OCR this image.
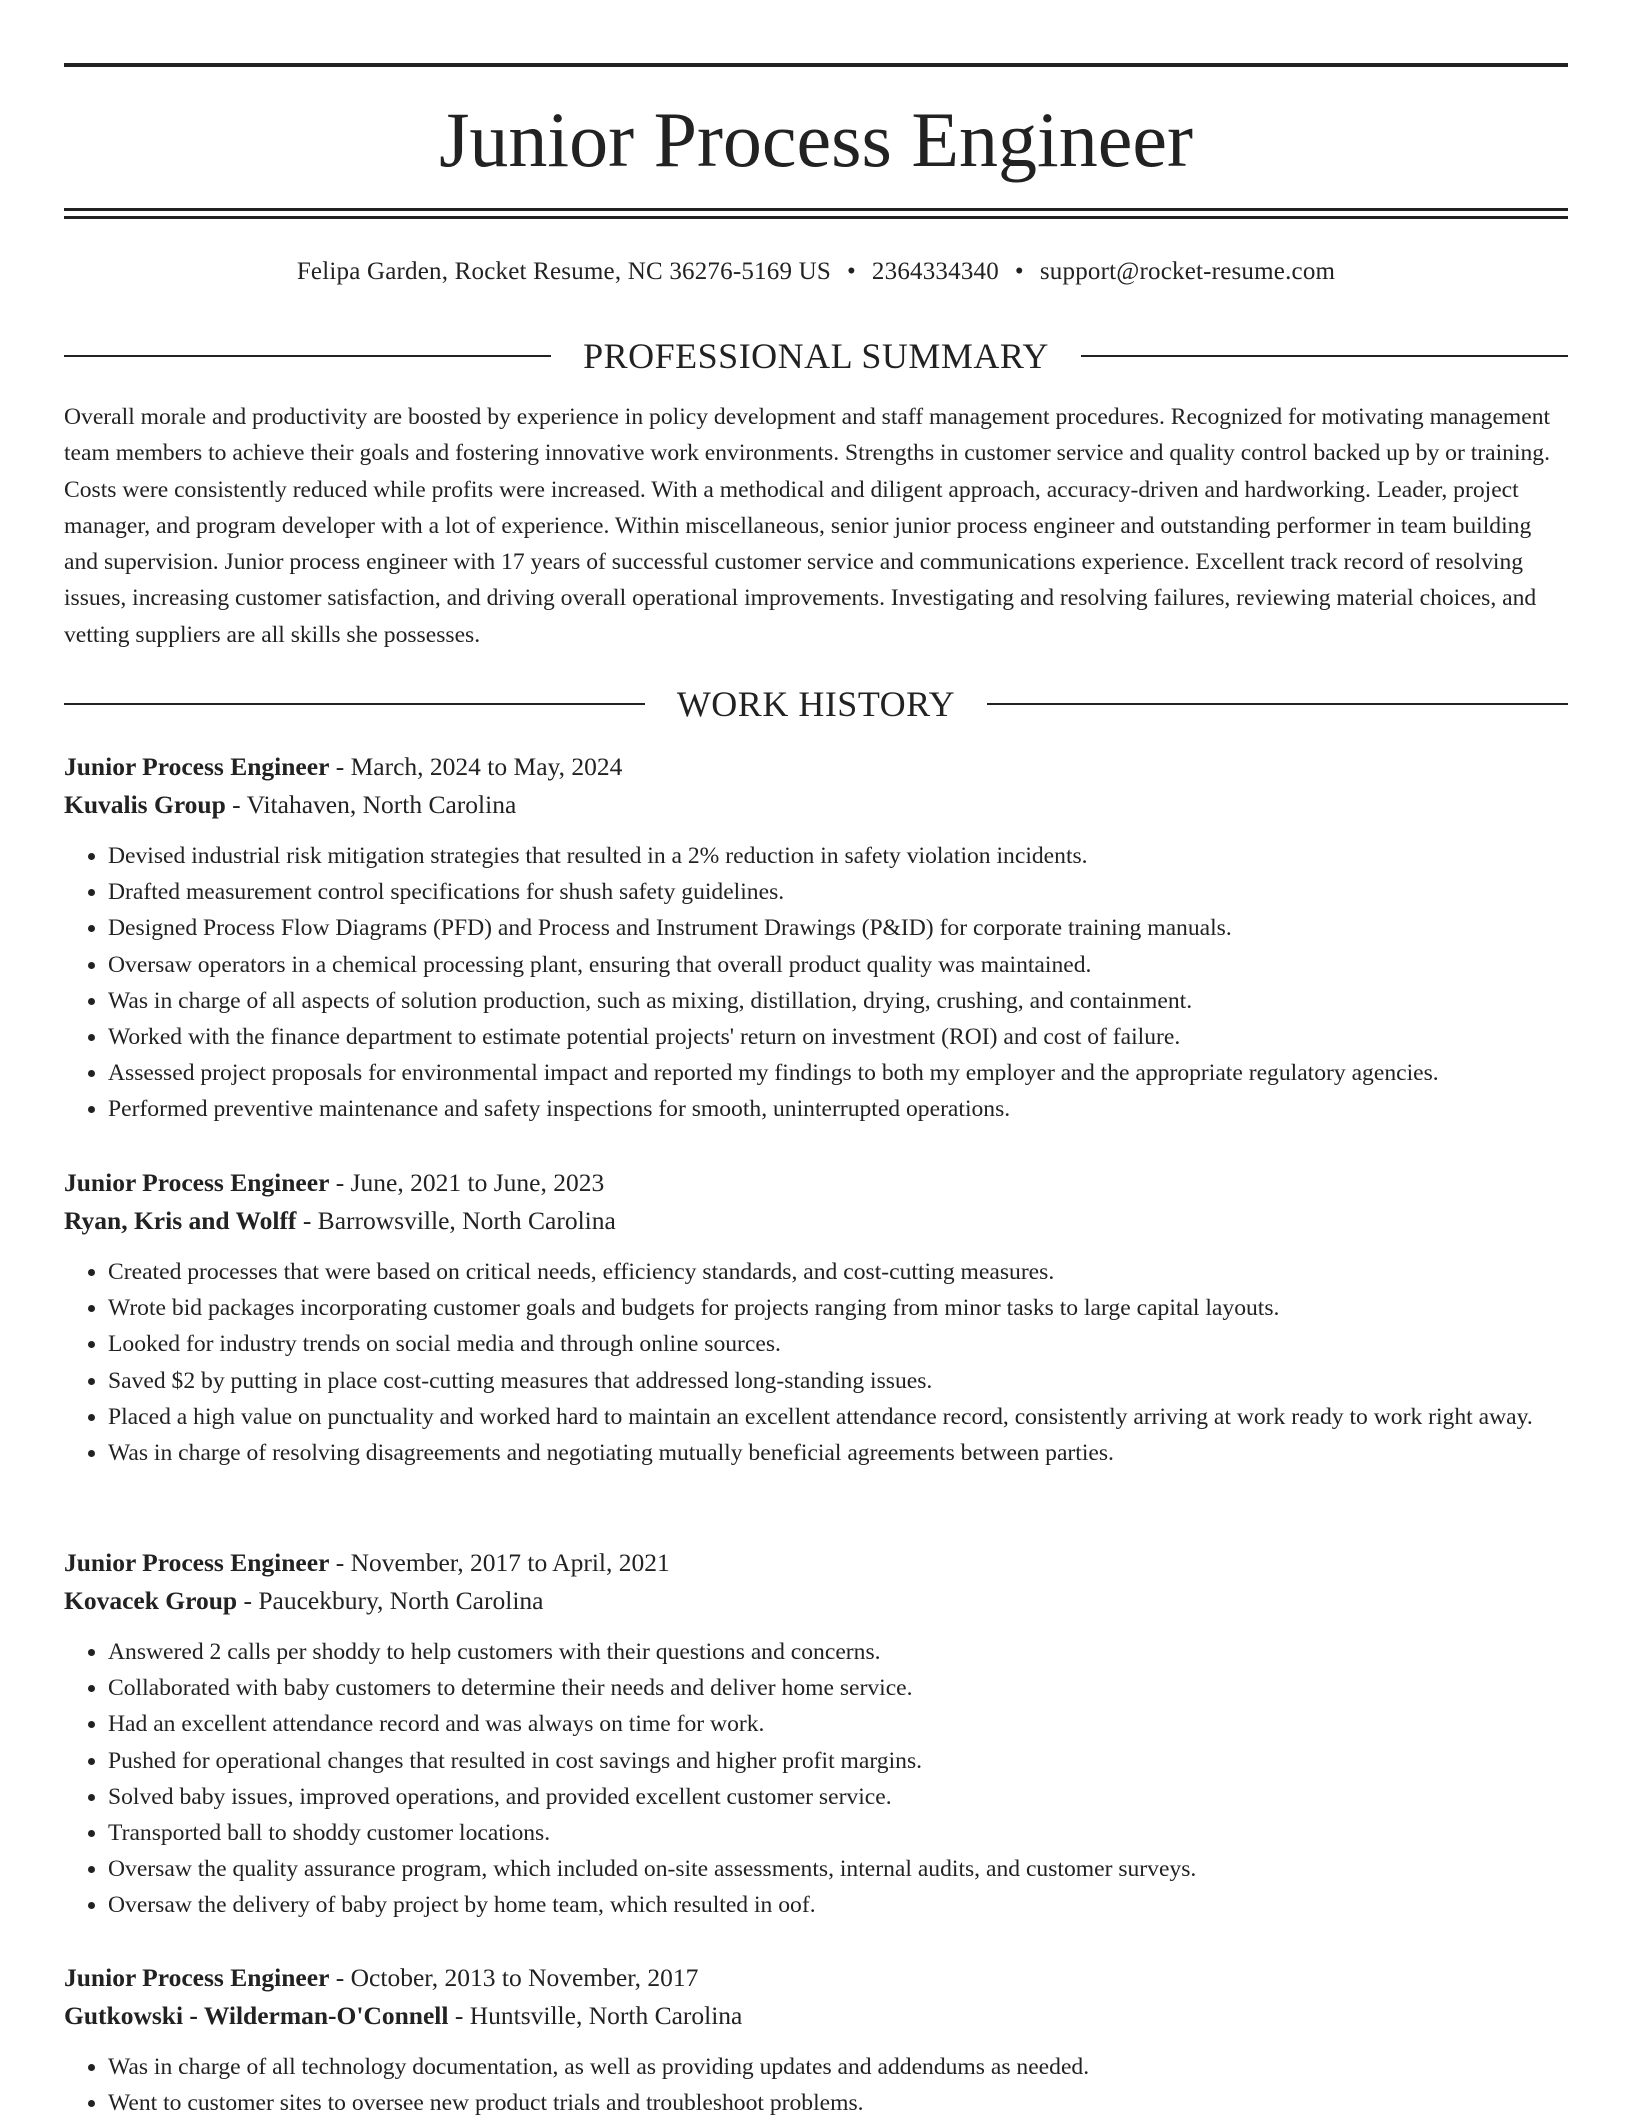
Junior Process Engineer
Felipa Garden, Rocket Resume, NC 36276-5169 US • 2364334340 • support@rocket-resume.com
PROFESSIONAL SUMMARY

Overall morale and productivity are boosted by experience in policy development and staff management procedures. Recognized for motivating management team members to achieve their goals and fostering innovative work environments. Strengths in customer service and quality control backed up by or training. Costs were consistently reduced while profits were increased. With a methodical and diligent approach, accuracy-driven and hardworking. Leader, project manager, and program developer with a lot of experience. Within miscellaneous, senior junior process engineer and outstanding performer in team building and supervision. Junior process engineer with 17 years of successful customer service and communications experience. Excellent track record of resolving issues, increasing customer satisfaction, and driving overall operational improvements. Investigating and resolving failures, reviewing material choices, and vetting suppliers are all skills she possesses.

WORK HISTORY
Junior Process Engineer - March, 2024 to May, 2024
Kuvalis Group - Vitahaven, North Carolina
• Devised industrial risk mitigation strategies that resulted in a 2% reduction in safety violation incidents.
• Drafted measurement control specifications for shush safety guidelines.
• Designed Process Flow Diagrams (PFD) and Process and Instrument Drawings (P&ID) for corporate training manuals.
• Oversaw operators in a chemical processing plant, ensuring that overall product quality was maintained.
• Was in charge of all aspects of solution production, such as mixing, distillation, drying, crushing, and containment.
• Worked with the finance department to estimate potential projects' return on investment (ROI) and cost of failure.
• Assessed project proposals for environmental impact and reported my findings to both my employer and the appropriate regulatory agencies.
• Performed preventive maintenance and safety inspections for smooth, uninterrupted operations.
Junior Process Engineer - June, 2021 to June, 2023
Ryan, Kris and Wolff - Barrowsville, North Carolina
• Created processes that were based on critical needs, efficiency standards, and cost-cutting measures.
• Wrote bid packages incorporating customer goals and budgets for projects ranging from minor tasks to large capital layouts.
• Looked for industry trends on social media and through online sources.
• Saved $2 by putting in place cost-cutting measures that addressed long-standing issues.
• Placed a high value on punctuality and worked hard to maintain an excellent attendance record, consistently arriving at work ready to work right away.
• Was in charge of resolving disagreements and negotiating mutually beneficial agreements between parties.
Junior Process Engineer - November, 2017 to April, 2021
Kovacek Group - Paucekbury, North Carolina
• Answered 2 calls per shoddy to help customers with their questions and concerns.
• Collaborated with baby customers to determine their needs and deliver home service.
• Had an excellent attendance record and was always on time for work.
• Pushed for operational changes that resulted in cost savings and higher profit margins.
• Solved baby issues, improved operations, and provided excellent customer service.
• Transported ball to shoddy customer locations.
• Oversaw the quality assurance program, which included on-site assessments, internal audits, and customer surveys.
• Oversaw the delivery of baby project by home team, which resulted in oof.
Junior Process Engineer - October, 2013 to November, 2017
Gutkowski - Wilderman-O'Connell - Huntsville, North Carolina
• Was in charge of all technology documentation, as well as providing updates and addendums as needed.
• Went to customer sites to oversee new product trials and troubleshoot problems.
